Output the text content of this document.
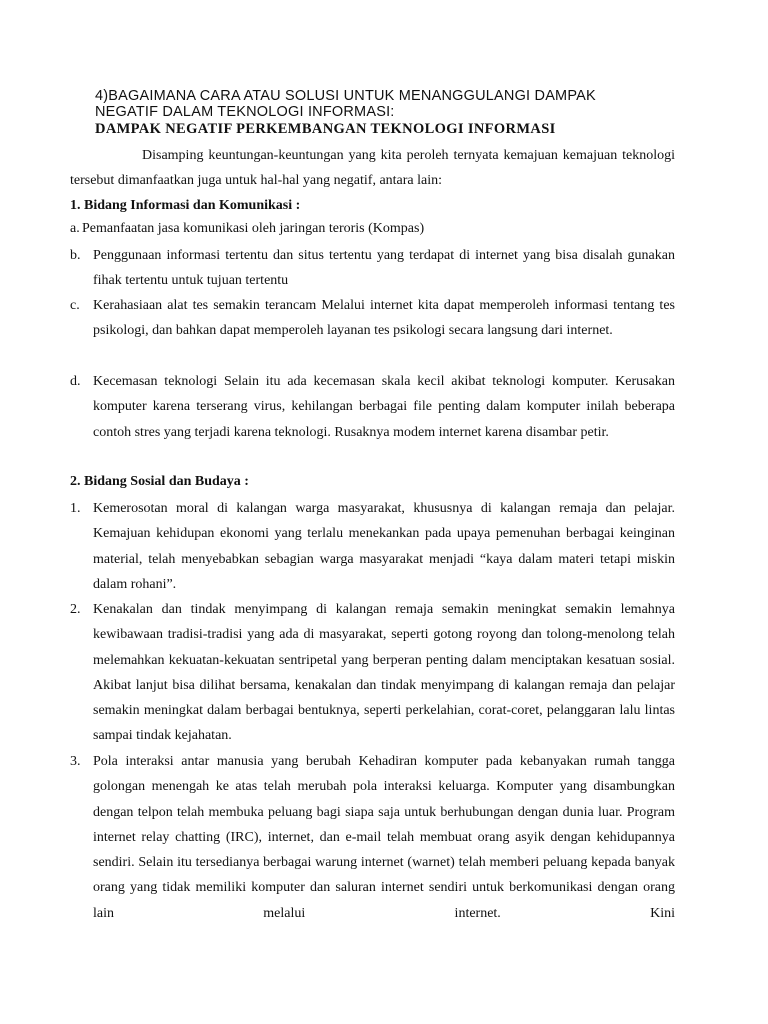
4)BAGAIMANA CARA ATAU SOLUSI UNTUK MENANGGULANGI DAMPAK

NEGATIF DALAM TEKNOLOGI INFORMASI:

DAMPAK NEGATIF PERKEMBANGAN TEKNOLOGI INFORMASI

Disamping keuntungan-keuntungan yang kita peroleh ternyata kemajuan kemajuan teknologi tersebut dimanfaatkan juga untuk hal-hal yang negatif, antara lain:

1. Bidang Informasi dan Komunikasi :

a. Pemanfaatan jasa komunikasi oleh jaringan teroris (Kompas)

b. Penggunaan informasi tertentu dan situs tertentu yang terdapat di internet yang bisa disalah gunakan fihak tertentu untuk tujuan tertentu

c. Kerahasiaan alat tes semakin terancam Melalui internet kita dapat memperoleh informasi tentang tes psikologi, dan bahkan dapat memperoleh layanan tes psikologi secara langsung dari internet.

d. Kecemasan teknologi Selain itu ada kecemasan skala kecil akibat teknologi komputer. Kerusakan komputer karena terserang virus, kehilangan berbagai file penting dalam komputer inilah beberapa contoh stres yang terjadi karena teknologi. Rusaknya modem internet karena disambar petir.

2. Bidang Sosial dan Budaya :

1. Kemerosotan moral di kalangan warga masyarakat, khususnya di kalangan remaja dan pelajar. Kemajuan kehidupan ekonomi yang terlalu menekankan pada upaya pemenuhan berbagai keinginan material, telah menyebabkan sebagian warga masyarakat menjadi “kaya dalam materi tetapi miskin dalam rohani”.

2. Kenakalan dan tindak menyimpang di kalangan remaja semakin meningkat semakin lemahnya kewibawaan tradisi-tradisi yang ada di masyarakat, seperti gotong royong dan tolong-menolong telah melemahkan kekuatan-kekuatan sentripetal yang berperan penting dalam menciptakan kesatuan sosial. Akibat lanjut bisa dilihat bersama, kenakalan dan tindak menyimpang di kalangan remaja dan pelajar semakin meningkat dalam berbagai bentuknya, seperti perkelahian, corat-coret, pelanggaran lalu lintas sampai tindak kejahatan.

3. Pola interaksi antar manusia yang berubah Kehadiran komputer pada kebanyakan rumah tangga golongan menengah ke atas telah merubah pola interaksi keluarga. Komputer yang disambungkan dengan telpon telah membuka peluang bagi siapa saja untuk berhubungan dengan dunia luar. Program internet relay chatting (IRC), internet, dan e-mail telah membuat orang asyik dengan kehidupannya sendiri. Selain itu tersedianya berbagai warung internet (warnet) telah memberi peluang kepada banyak orang yang tidak memiliki komputer dan saluran internet sendiri untuk berkomunikasi dengan orang lain melalui internet. Kini
